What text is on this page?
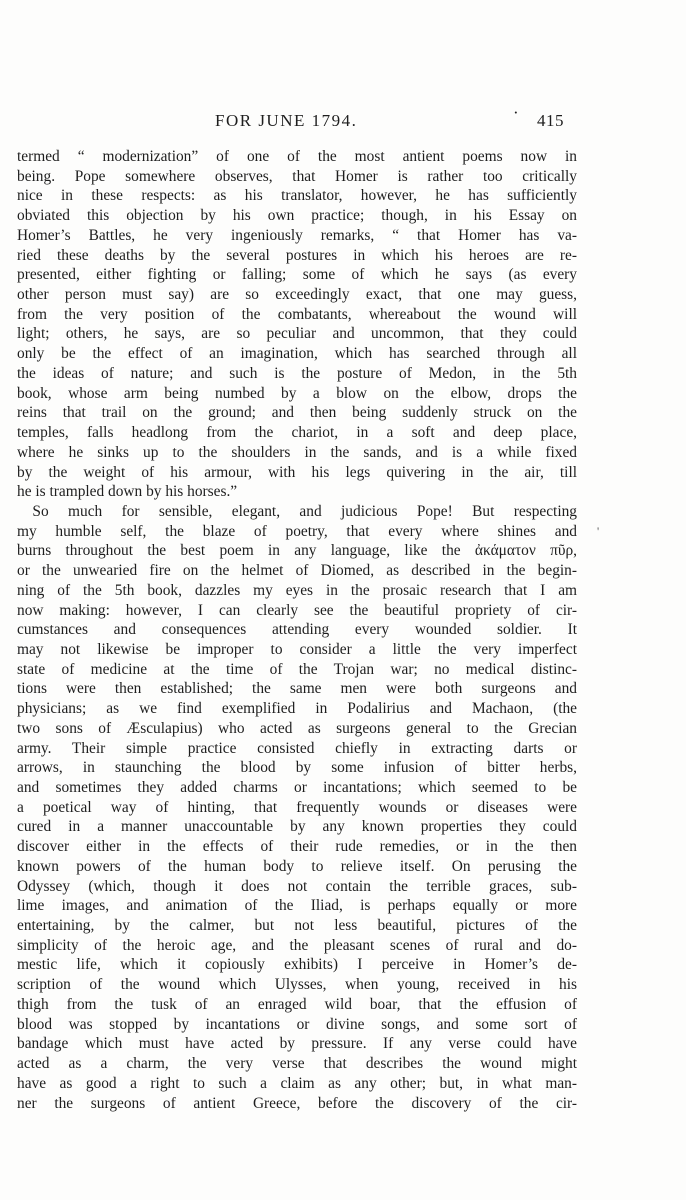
FOR JUNE 1794.	· 415
'
termed “ modernization” of one of the most antient poems now in
being. Pope somewhere observes, that Homer is rather too critically
nice in these respects: as his translator, however, he has sufficiently
obviated this objection by his own practice; though, in his Essay on
Homer’s Battles, he very ingeniously remarks, “ that Homer has va-
ried these deaths by the several postures in which his heroes are re-
presented, either fighting or falling; some of which he says (as every
other person must say) are so exceedingly exact, that one may guess,
from the very position of the combatants, whereabout the wound will
light; others, he says, are so peculiar and uncommon, that they could
only be the effect of an imagination, which has searched through all
the ideas of nature; and such is the posture of Medon, in the 5th
book, whose arm being numbed by a blow on the elbow, drops the
reins that trail on the ground; and then being suddenly struck on the
temples, falls headlong from the chariot, in a soft and deep place,
where he sinks up to the shoulders in the sands, and is a while fixed
by the weight of his armour, with his legs quivering in the air, till
he is trampled down by his horses.”
 So much for sensible, elegant, and judicious Pope! But respecting
my humble self, the blaze of poetry, that every where shines and
burns throughout the best poem in any language, like the ἀκάματον πῦρ,
or the unwearied fire on the helmet of Diomed, as described in the begin-
ning of the 5th book, dazzles my eyes in the prosaic research that I am
now making: however, I can clearly see the beautiful propriety of cir-
cumstances and consequences attending every wounded soldier. It
may not likewise be improper to consider a little the very imperfect
state of medicine at the time of the Trojan war; no medical distinc-
tions were then established; the same men were both surgeons and
physicians; as we find exemplified in Podalirius and Machaon, (the
two sons of Æsculapius) who acted as surgeons general to the Grecian
army. Their simple practice consisted chiefly in extracting darts or
arrows, in staunching the blood by some infusion of bitter herbs,
and sometimes they added charms or incantations; which seemed to be
a poetical way of hinting, that frequently wounds or diseases were
cured in a manner unaccountable by any known properties they could
discover either in the effects of their rude remedies, or in the then
known powers of the human body to relieve itself. On perusing the
Odyssey (which, though it does not contain the terrible graces, sub-
lime images, and animation of the Iliad, is perhaps equally or more
entertaining, by the calmer, but not less beautiful, pictures of the
simplicity of the heroic age, and the pleasant scenes of rural and do-
mestic life, which it copiously exhibits) I perceive in Homer’s de-
scription of the wound which Ulysses, when young, received in his
thigh from the tusk of an enraged wild boar, that the effusion of
blood was stopped by incantations or divine songs, and some sort of
bandage which must have acted by pressure. If any verse could have
acted as a charm, the very verse that describes the wound might
have as good a right to such a claim as any other; but, in what man-
ner the surgeons of antient Greece, before the discovery of the cir-
